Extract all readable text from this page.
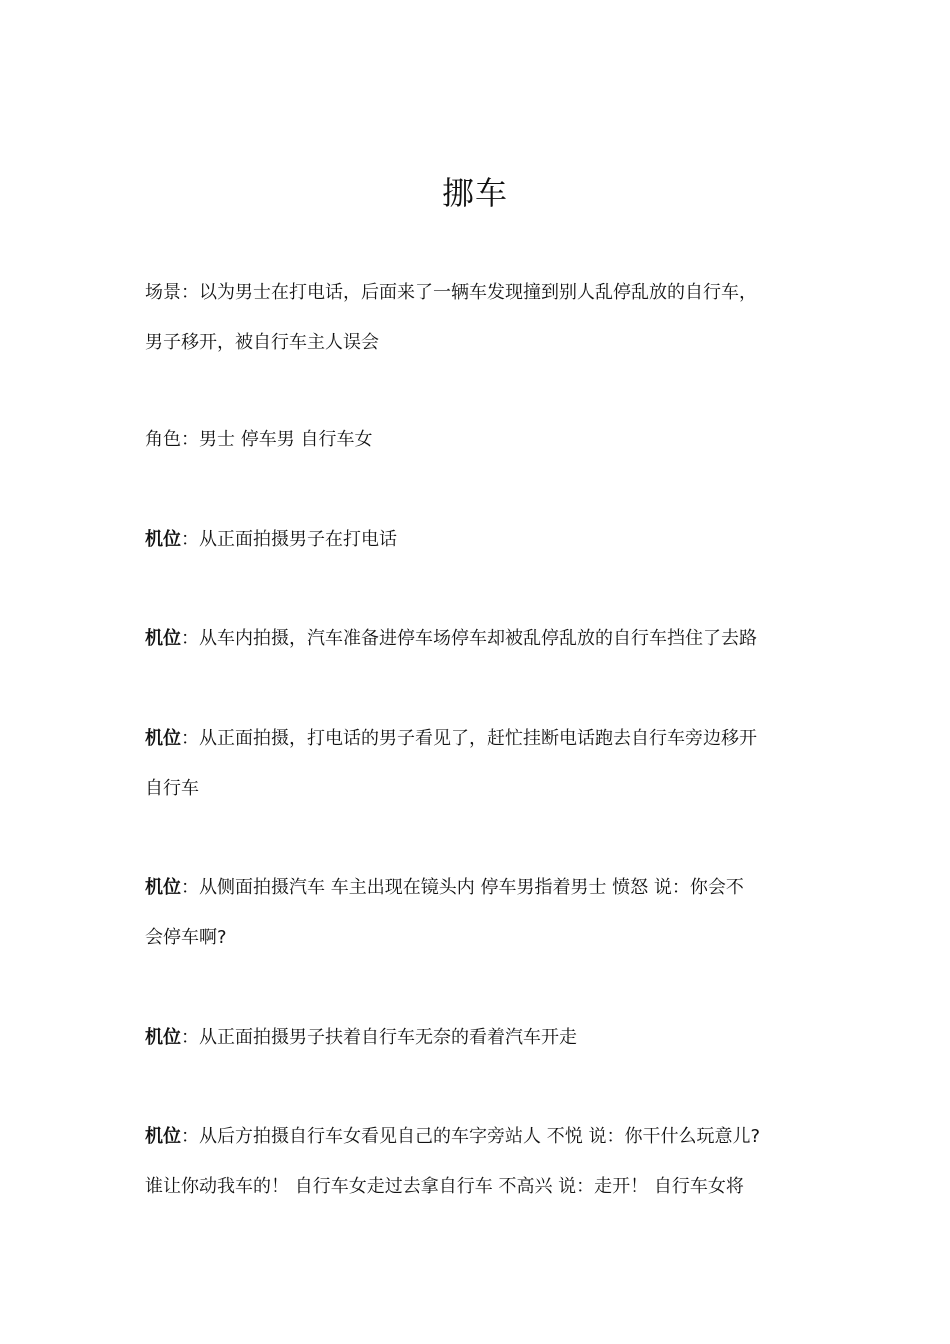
挪车
场景：以为男士在打电话，后面来了一辆车发现撞到别人乱停乱放的自行车，
男子移开，被自行车主人误会
角色：男士 停车男 自行车女
机位：从正面拍摄男子在打电话
机位：从车内拍摄，汽车准备进停车场停车却被乱停乱放的自行车挡住了去路
机位：从正面拍摄，打电话的男子看见了，赶忙挂断电话跑去自行车旁边移开
自行车
机位：从侧面拍摄汽车 车主出现在镜头内 停车男指着男士 愤怒 说：你会不
会停车啊?
机位：从正面拍摄男子扶着自行车无奈的看着汽车开走
机位：从后方拍摄自行车女看见自己的车字旁站人 不悦 说：你干什么玩意儿?
谁让你动我车的！ 自行车女走过去拿自行车 不高兴 说：走开！ 自行车女将
